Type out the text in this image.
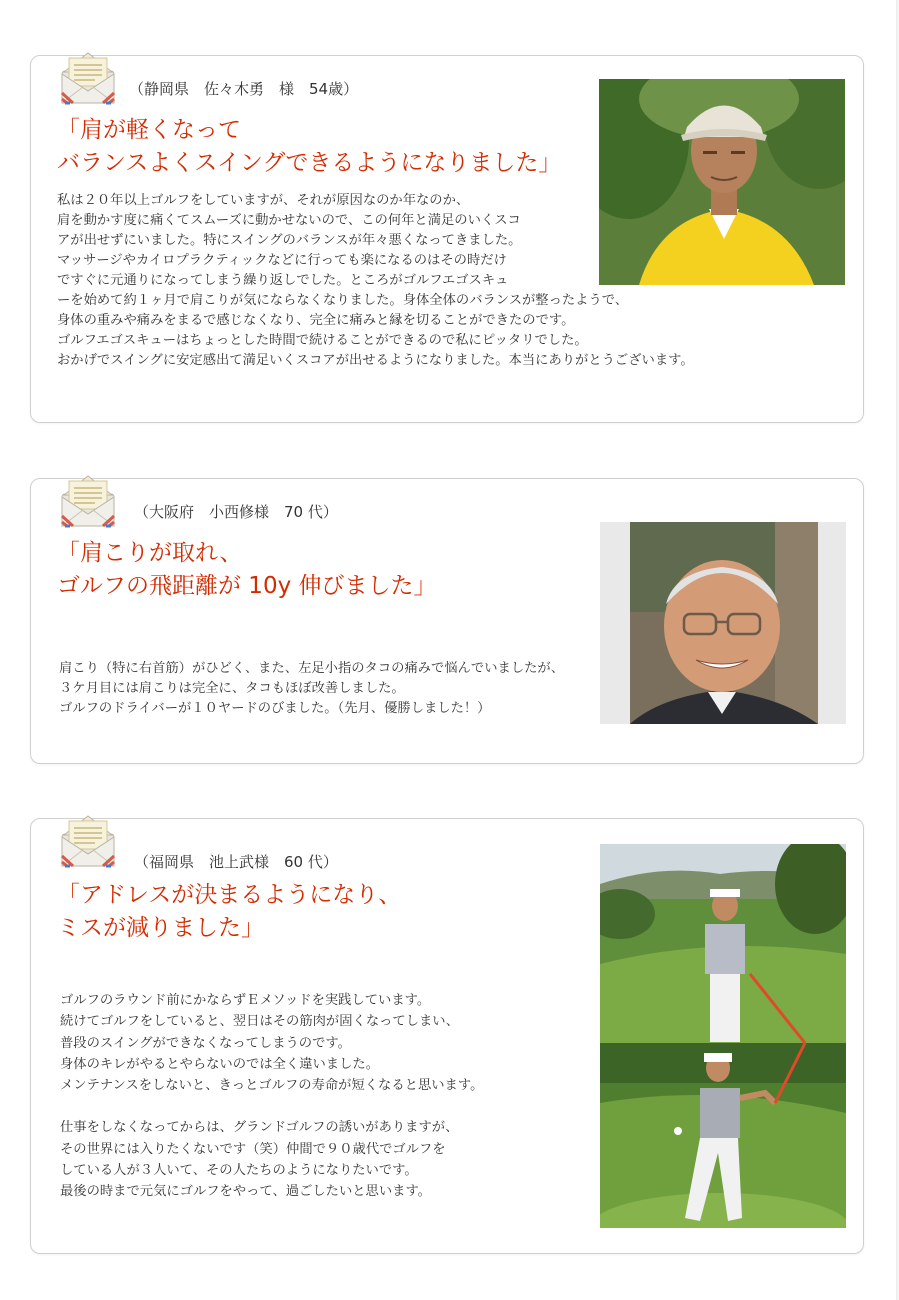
（静岡県　佐々木勇　様　54歳）
「肩が軽くなって
バランスよくスイングできるようになりました」
私は２０年以上ゴルフをしていますが、それが原因なのか年なのか、
肩を動かす度に痛くてスムーズに動かせないので、この何年と満足のいくスコ
アが出せずにいました。特にスイングのバランスが年々悪くなってきました。
マッサージやカイロプラクティックなどに行っても楽になるのはその時だけ
ですぐに元通りになってしまう繰り返しでした。ところがゴルフエゴスキュ
ーを始めて約１ヶ月で肩こりが気にならなくなりました。身体全体のバランスが整ったようで、
身体の重みや痛みをまるで感じなくなり、完全に痛みと縁を切ることができたのです。
ゴルフエゴスキューはちょっとした時間で続けることができるので私にピッタリでした。
おかげでスイングに安定感出て満足いくスコアが出せるようになりました。本当にありがとうございます。
（大阪府　小西修様　70 代）
「肩こりが取れ、
ゴルフの飛距離が 10y 伸びました」
肩こり（特に右首筋）がひどく、また、左足小指のタコの痛みで悩んでいましたが、
３ケ月目には肩こりは完全に、タコもほぼ改善しました。
ゴルフのドライバーが１０ヤードのびました。（先月、優勝しました！）
（福岡県　池上武様　60 代）
「アドレスが決まるようになり、
ミスが減りました」
ゴルフのラウンド前にかならずＥメソッドを実践しています。
続けてゴルフをしていると、翌日はその筋肉が固くなってしまい、
普段のスイングができなくなってしまうのです。
身体のキレがやるとやらないのでは全く違いました。
メンテナンスをしないと、きっとゴルフの寿命が短くなると思います。
仕事をしなくなってからは、グランドゴルフの誘いがありますが、
その世界には入りたくないです（笑）仲間で９０歳代でゴルフを
している人が３人いて、その人たちのようになりたいです。
最後の時まで元気にゴルフをやって、過ごしたいと思います。
